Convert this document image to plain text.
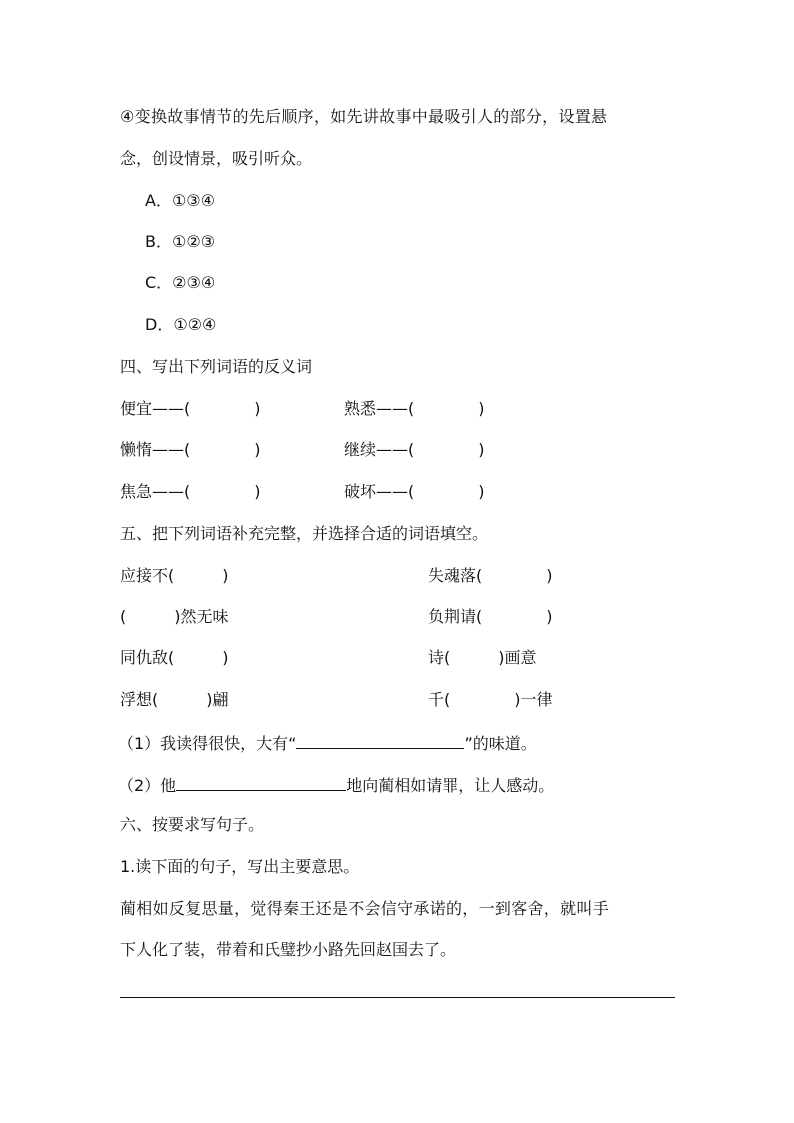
④变换故事情节的先后顺序，如先讲故事中最吸引人的部分，设置悬
念，创设情景，吸引听众。
A．①③④
B．①②③
C．②③④
D．①②④
四、写出下列词语的反义词
便宜——(　　　　)	熟悉——(　　　　)
懒惰——(　　　　)	继续——(　　　　)
焦急——(　　　　)	破坏——(　　　　)
五、把下列词语补充完整，并选择合适的词语填空。
应接不(　　　)	失魂落(　　　　)
(　　　)然无味	负荆请(　　　　)
同仇敌(　　　)	诗(　　　)画意
浮想(　　　)翩	千(　　　　)一律
（1）我读得很快，大有“	”的味道。
（2）他	地向蔺相如请罪，让人感动。
六、按要求写句子。
1.读下面的句子，写出主要意思。
蔺相如反复思量，觉得秦王还是不会信守承诺的，一到客舍，就叫手
下人化了装，带着和氏璧抄小路先回赵国去了。
